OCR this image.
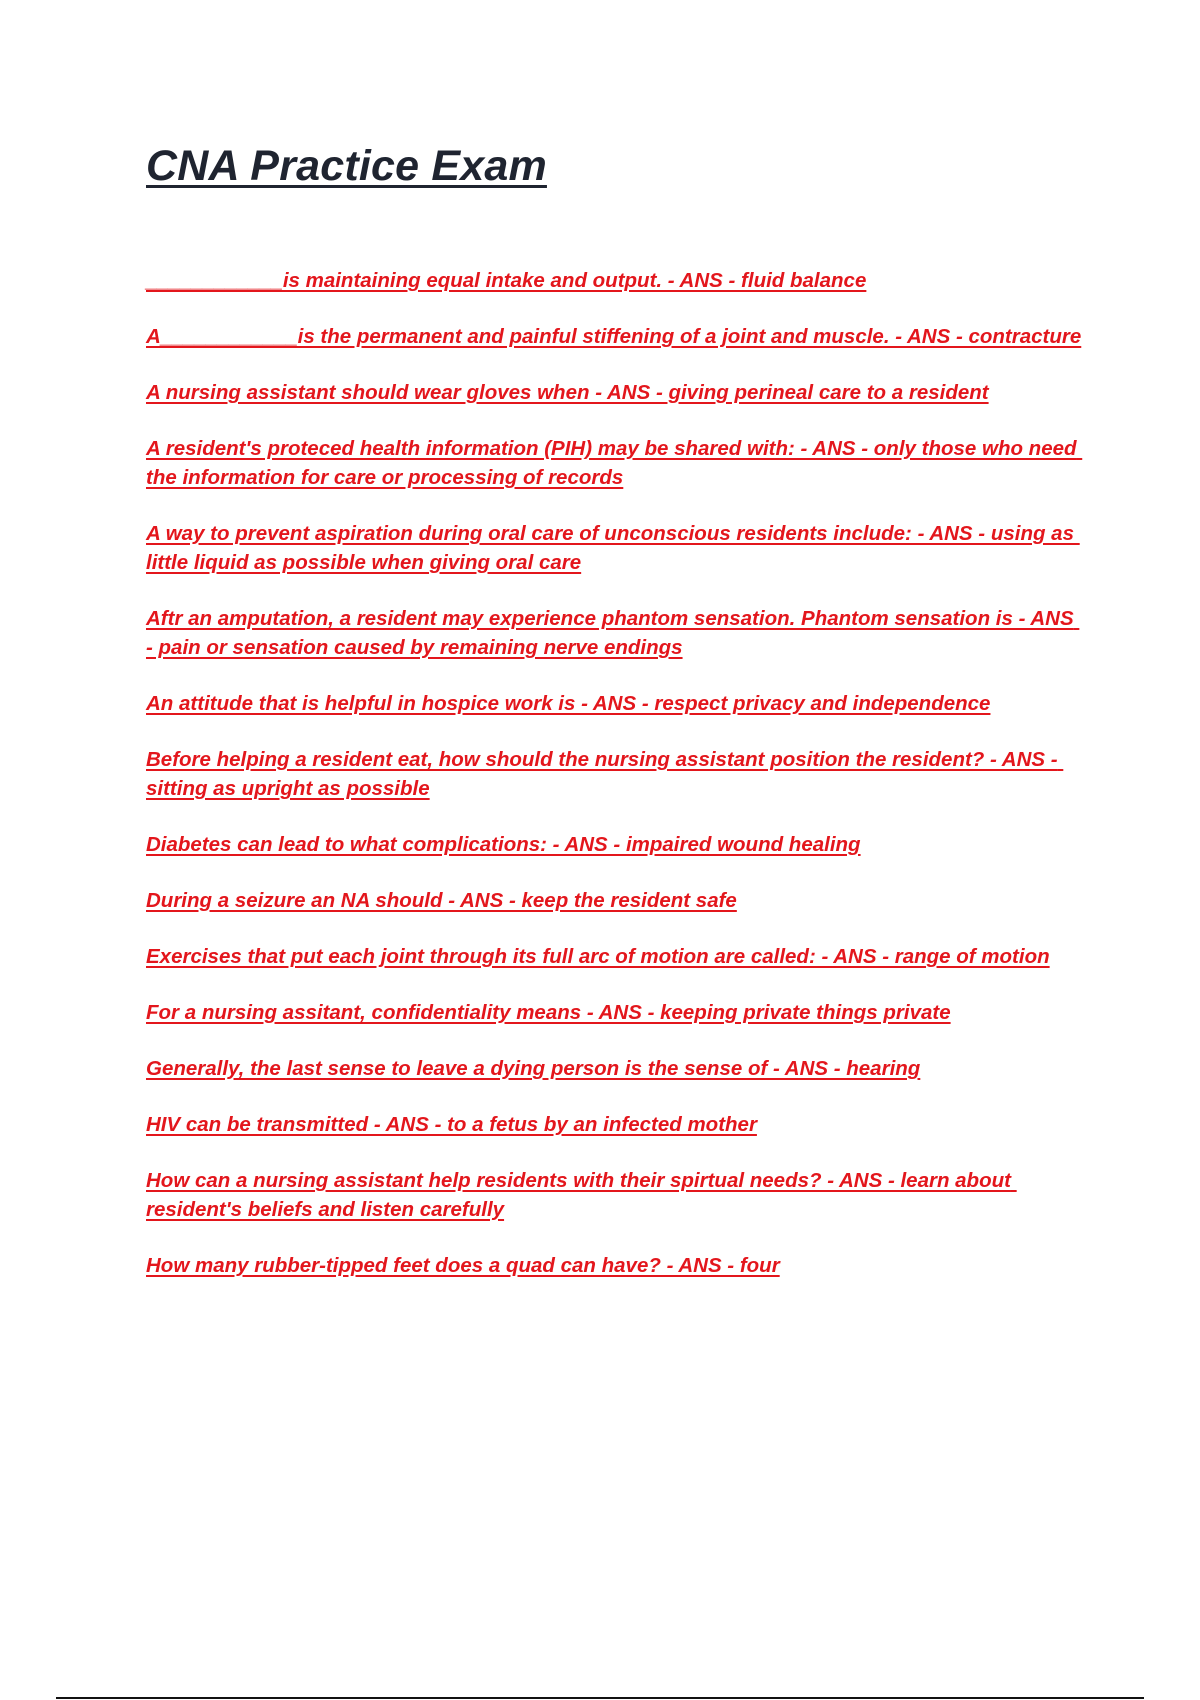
CNA Practice Exam
____________is maintaining equal intake and output. - ANS - fluid balance
A____________is the permanent and painful stiffening of a joint and muscle. - ANS - contracture
A nursing assistant should wear gloves when - ANS - giving perineal care to a resident
A resident's proteced health information (PIH) may be shared with: - ANS - only those who need the information for care or processing of records
A way to prevent aspiration during oral care of unconscious residents include: - ANS - using as little liquid as possible when giving oral care
Aftr an amputation, a resident may experience phantom sensation. Phantom sensation is - ANS - pain or sensation caused by remaining nerve endings
An attitude that is helpful in hospice work is - ANS - respect privacy and independence
Before helping a resident eat, how should the nursing assistant position the resident? - ANS - sitting as upright as possible
Diabetes can lead to what complications: - ANS - impaired wound healing
During a seizure an NA should - ANS - keep the resident safe
Exercises that put each joint through its full arc of motion are called: - ANS - range of motion
For a nursing assitant, confidentiality means - ANS - keeping private things private
Generally, the last sense to leave a dying person is the sense of - ANS - hearing
HIV can be transmitted - ANS - to a fetus by an infected mother
How can a nursing assistant help residents with their spirtual needs? - ANS - learn about resident's beliefs and listen carefully
How many rubber-tipped feet does a quad can have? - ANS - four
